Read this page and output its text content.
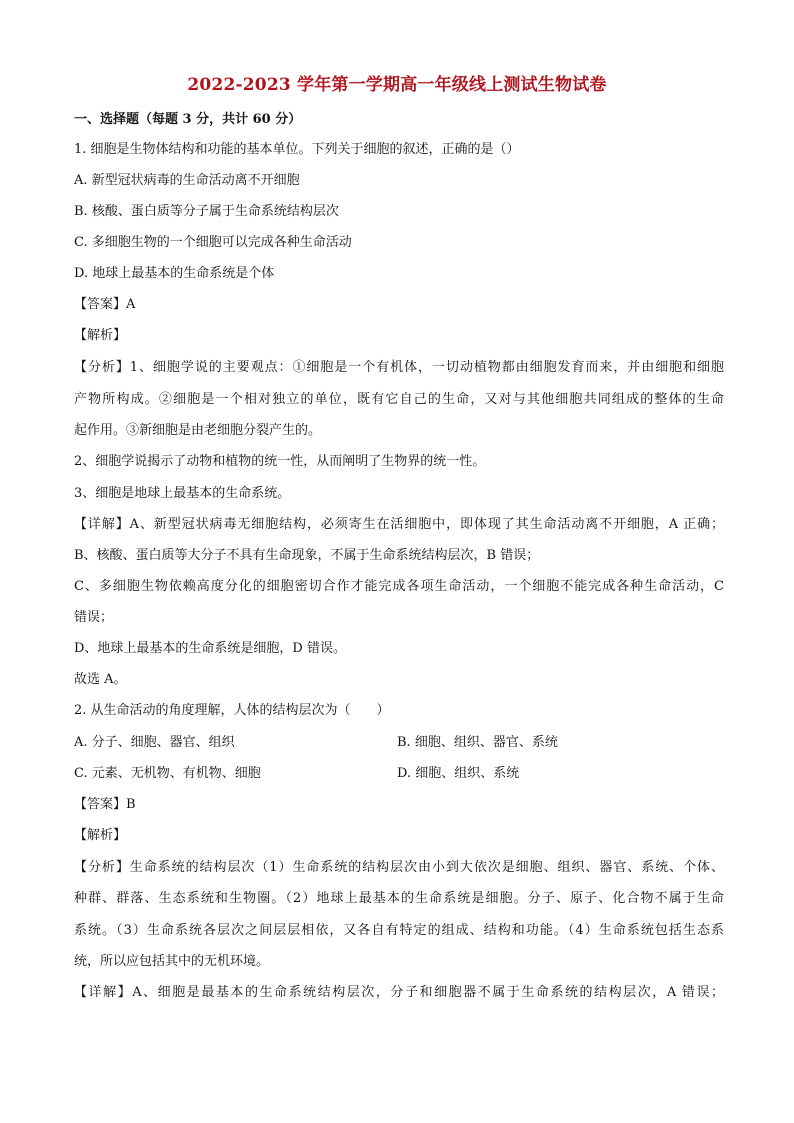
2022-2023 学年第一学期高一年级线上测试生物试卷
一、选择题（每题 3 分，共计 60 分）
1. 细胞是生物体结构和功能的基本单位。下列关于细胞的叙述，正确的是（）
A. 新型冠状病毒的生命活动离不开细胞
B. 核酸、蛋白质等分子属于生命系统结构层次
C. 多细胞生物的一个细胞可以完成各种生命活动
D. 地球上最基本的生命系统是个体
【答案】A
【解析】
【分析】1、细胞学说的主要观点：①细胞是一个有机体，一切动植物都由细胞发育而来，并由细胞和细胞
产物所构成。②细胞是一个相对独立的单位，既有它自己的生命，又对与其他细胞共同组成的整体的生命
起作用。③新细胞是由老细胞分裂产生的。
2、细胞学说揭示了动物和植物的统一性，从而阐明了生物界的统一性。
3、细胞是地球上最基本的生命系统。
【详解】A、新型冠状病毒无细胞结构，必须寄生在活细胞中，即体现了其生命活动离不开细胞，A 正确；
B、核酸、蛋白质等大分子不具有生命现象，不属于生命系统结构层次，B 错误；
C、多细胞生物依赖高度分化的细胞密切合作才能完成各项生命活动，一个细胞不能完成各种生命活动，C
错误；
D、地球上最基本的生命系统是细胞，D 错误。
故选 A。
2. 从生命活动的角度理解，人体的结构层次为（　　）
A. 分子、细胞、器官、组织	B. 细胞、组织、器官、系统
C. 元素、无机物、有机物、细胞	D. 细胞、组织、系统
【答案】B
【解析】
【分析】生命系统的结构层次（1）生命系统的结构层次由小到大依次是细胞、组织、器官、系统、个体、
种群、群落、生态系统和生物圈。（2）地球上最基本的生命系统是细胞。分子、原子、化合物不属于生命
系统。（3）生命系统各层次之间层层相依，又各自有特定的组成、结构和功能。（4）生命系统包括生态系
统，所以应包括其中的无机环境。
【详解】A、细胞是最基本的生命系统结构层次，分子和细胞器不属于生命系统的结构层次，A 错误；
